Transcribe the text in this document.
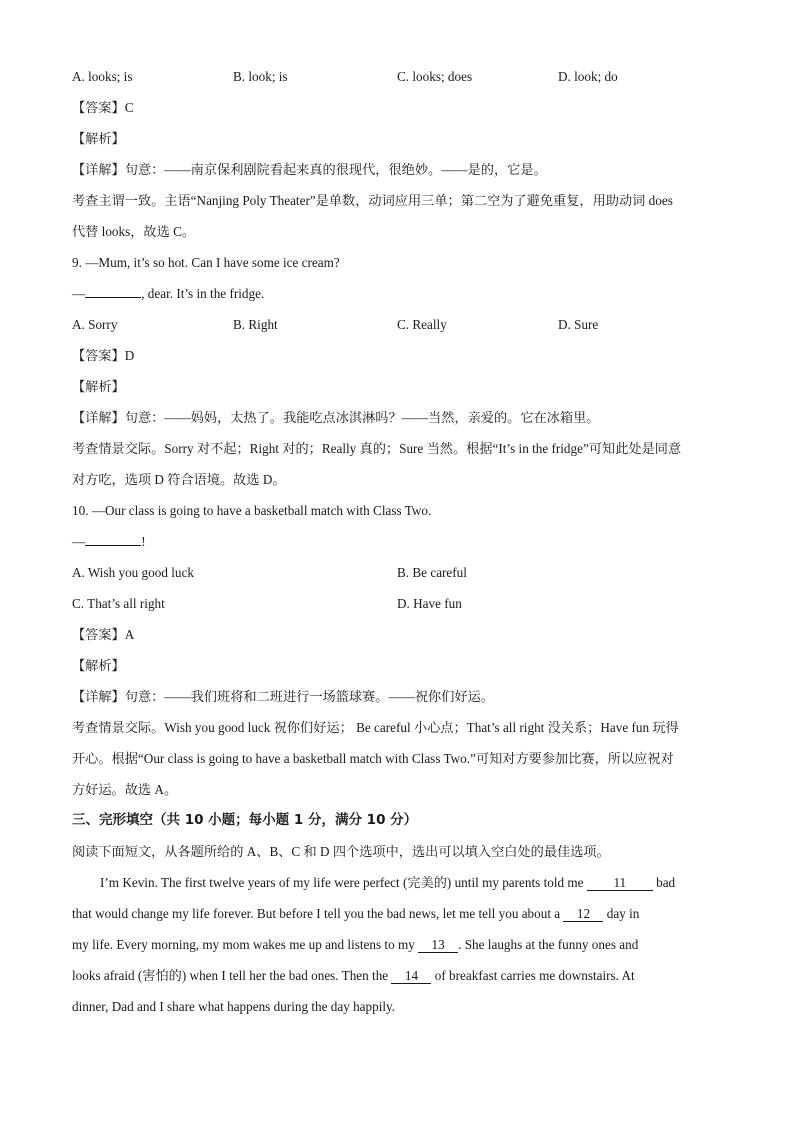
A. looks; is	B. look; is	C. looks; does	D. look; do
【答案】C
【解析】
【详解】句意：——南京保利剧院看起来真的很现代，很绝妙。——是的，它是。
考查主谓一致。主语“Nanjing Poly Theater”是单数，动词应用三单；第二空为了避免重复，用助动词 does
代替 looks，故选 C。
9. —Mum, it’s so hot. Can I have some ice cream?
—	, dear. It’s in the fridge.
A. Sorry	B. Right	C. Really	D. Sure
【答案】D
【解析】
【详解】句意：——妈妈，太热了。我能吃点冰淇淋吗？——当然，亲爱的。它在冰箱里。
考查情景交际。Sorry 对不起；Right 对的；Really 真的；Sure 当然。根据“It’s in the fridge”可知此处是同意
对方吃，选项 D 符合语境。故选 D。
10. —Our class is going to have a basketball match with Class Two.
—	!
A. Wish you good luck	B. Be careful
C. That’s all right	D. Have fun
【答案】A
【解析】
【详解】句意：——我们班将和二班进行一场篮球赛。——祝你们好运。
考查情景交际。Wish you good luck 祝你们好运； Be careful 小心点；That’s all right 没关系；Have fun 玩得
开心。根据“Our class is going to have a basketball match with Class Two.”可知对方要参加比赛，所以应祝对
方好运。故选 A。
三、完形填空（共 10 小题；每小题 1 分，满分 10 分）
阅读下面短文，从各题所给的 A、B、C 和 D 四个选项中，选出可以填入空白处的最佳选项。
I’m Kevin. The first twelve years of my life were perfect (完美的) until my parents told me 11 bad
that would change my life forever. But before I tell you the bad news, let me tell you about a 12 day in
my life. Every morning, my mom wakes me up and listens to my 13 . She laughs at the funny ones and
looks afraid (害怕的) when I tell her the bad ones. Then the 14 of breakfast carries me downstairs. At
dinner, Dad and I share what happens during the day happily.
